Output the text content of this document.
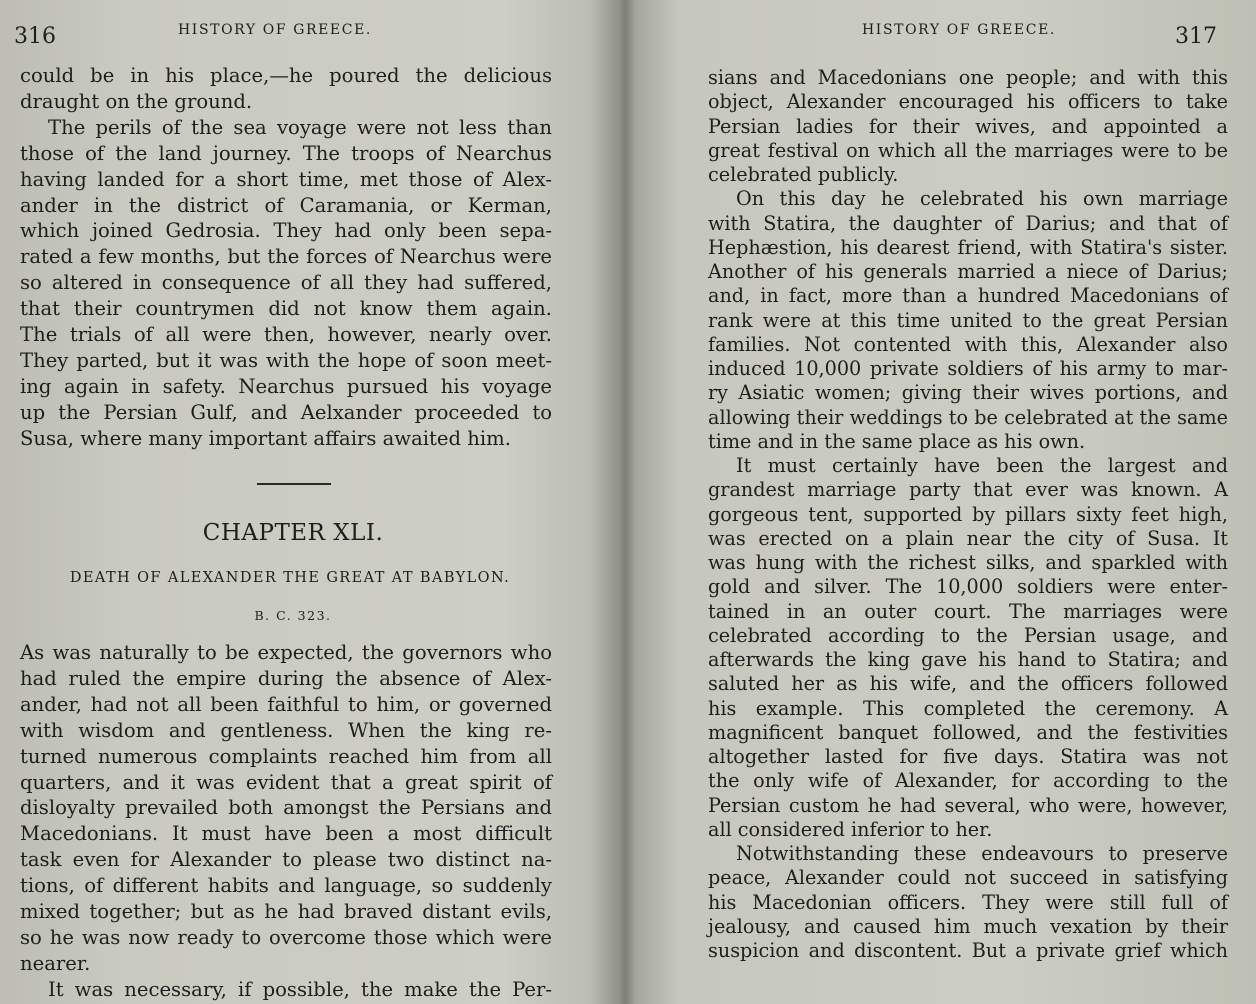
316	HISTORY OF GREECE.
could be in his place,—he poured the delicious
draught on the ground.
The perils of the sea voyage were not less than
those of the land journey. The troops of Nearchus
having landed for a short time, met those of Alex-
ander in the district of Caramania, or Kerman,
which joined Gedrosia. They had only been sepa-
rated a few months, but the forces of Nearchus were
so altered in consequence of all they had suffered,
that their countrymen did not know them again.
The trials of all were then, however, nearly over.
They parted, but it was with the hope of soon meet-
ing again in safety. Nearchus pursued his voyage
up the Persian Gulf, and Aelxander proceeded to
Susa, where many important affairs awaited him.
CHAPTER XLI.
DEATH OF ALEXANDER THE GREAT AT BABYLON.
B. C. 323.
As was naturally to be expected, the governors who
had ruled the empire during the absence of Alex-
ander, had not all been faithful to him, or governed
with wisdom and gentleness. When the king re-
turned numerous complaints reached him from all
quarters, and it was evident that a great spirit of
disloyalty prevailed both amongst the Persians and
Macedonians. It must have been a most difficult
task even for Alexander to please two distinct na-
tions, of different habits and language, so suddenly
mixed together; but as he had braved distant evils,
so he was now ready to overcome those which were
nearer.
It was necessary, if possible, the make the Per-
HISTORY OF GREECE.	317
sians and Macedonians one people; and with this
object, Alexander encouraged his officers to take
Persian ladies for their wives, and appointed a
great festival on which all the marriages were to be
celebrated publicly.
On this day he celebrated his own marriage
with Statira, the daughter of Darius; and that of
Hephæstion, his dearest friend, with Statira's sister.
Another of his generals married a niece of Darius;
and, in fact, more than a hundred Macedonians of
rank were at this time united to the great Persian
families. Not contented with this, Alexander also
induced 10,000 private soldiers of his army to mar-
ry Asiatic women; giving their wives portions, and
allowing their weddings to be celebrated at the same
time and in the same place as his own.
It must certainly have been the largest and
grandest marriage party that ever was known. A
gorgeous tent, supported by pillars sixty feet high,
was erected on a plain near the city of Susa. It
was hung with the richest silks, and sparkled with
gold and silver. The 10,000 soldiers were enter-
tained in an outer court. The marriages were
celebrated according to the Persian usage, and
afterwards the king gave his hand to Statira; and
saluted her as his wife, and the officers followed
his example. This completed the ceremony. A
magnificent banquet followed, and the festivities
altogether lasted for five days. Statira was not
the only wife of Alexander, for according to the
Persian custom he had several, who were, however,
all considered inferior to her.
Notwithstanding these endeavours to preserve
peace, Alexander could not succeed in satisfying
his Macedonian officers. They were still full of
jealousy, and caused him much vexation by their
suspicion and discontent. But a private grief which
